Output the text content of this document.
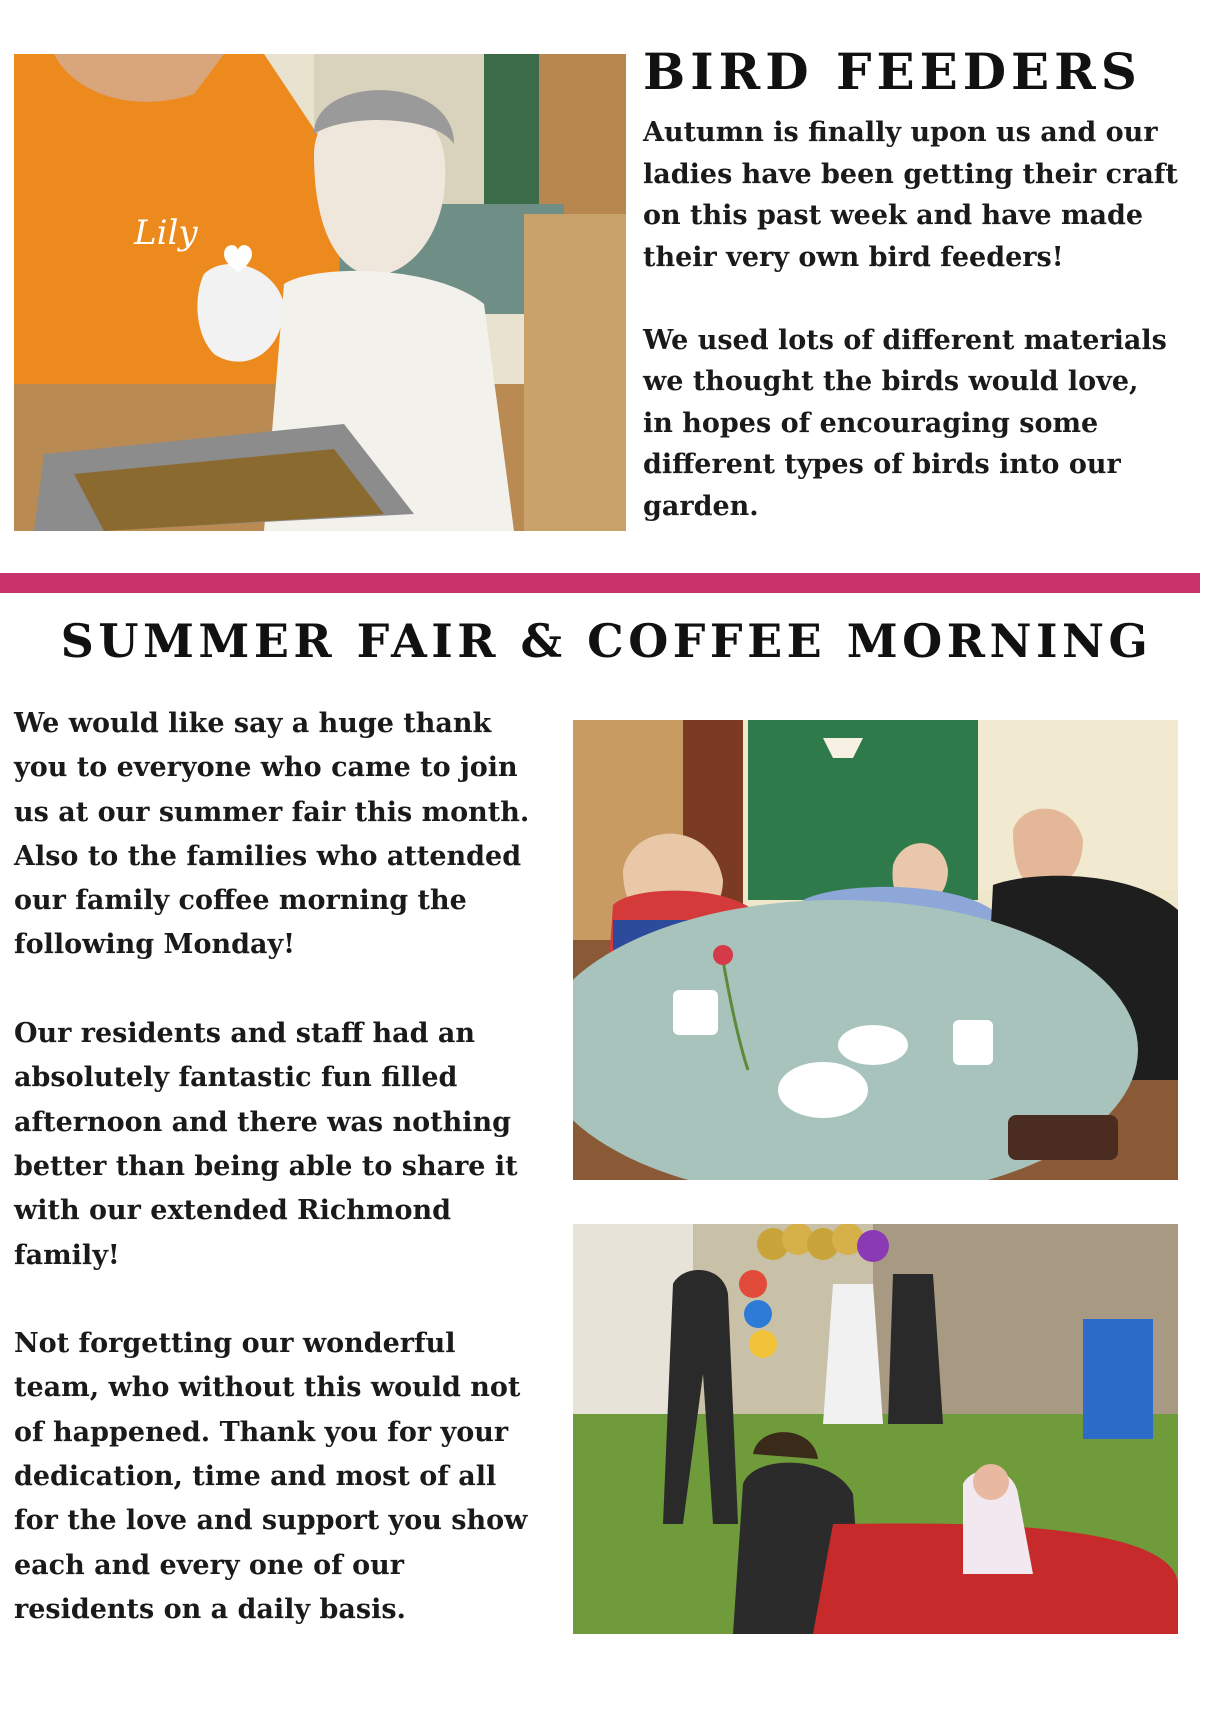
Lily
BIRD FEEDERS

Autumn is finally upon us and our
ladies have been getting their craft
on this past week and have made
their very own bird feeders!

We used lots of different materials
we thought the birds would love,
in hopes of encouraging some
different types of birds into our
garden.

SUMMER FAIR & COFFEE MORNING

We would like say a huge thank
you to everyone who came to join
us at our summer fair this month.
Also to the families who attended
our family coffee morning the
following Monday!

Our residents and staff had an
absolutely fantastic fun filled
afternoon and there was nothing
better than being able to share it
with our extended Richmond
family!

Not forgetting our wonderful
team, who without this would not
of happened. Thank you for your
dedication, time and most of all
for the love and support you show
each and every one of our
residents on a daily basis.
